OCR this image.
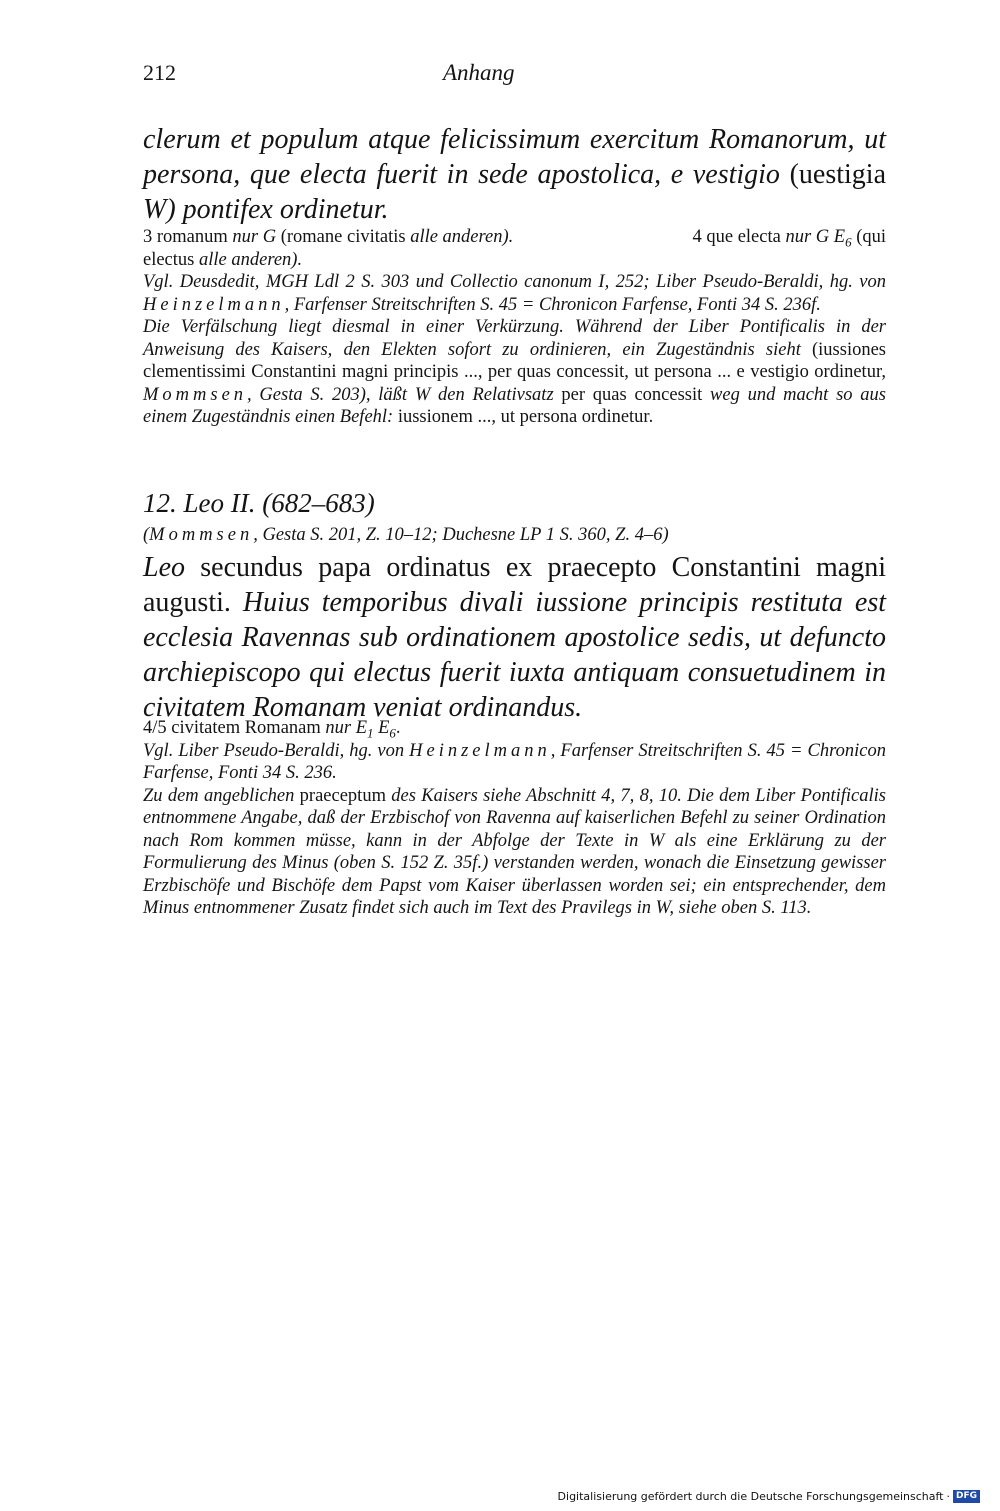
212	Anhang
clerum et populum atque felicissimum exercitum Romanorum, ut persona, que electa fuerit in sede apostolica, e vestigio (uestigia W) pontifex ordinetur.
3 romanum nur G (romane civitatis alle anderen).	4 que electa nur G $E_6$ (qui
electus alle anderen).

Vgl. Deusdedit, MGH Ldl 2 S. 303 und Collectio canonum I, 252; Liber Pseudo-Beraldi, hg. von Heinzelmann, Farfenser Streitschriften S. 45 = Chronicon Farfense, Fonti 34 S. 236f.

Die Verfälschung liegt diesmal in einer Verkürzung. Während der Liber Pontificalis in der Anweisung des Kaisers, den Elekten sofort zu ordinieren, ein Zugeständnis sieht (iussiones clementissimi Constantini magni principis ..., per quas concessit, ut persona ... e vestigio ordinetur, Mommsen, Gesta S. 203), läßt W den Relativsatz per quas concessit weg und macht so aus einem Zugeständnis einen Befehl: iussionem ..., ut persona ordinetur.

12. Leo II. (682–683)
(Mommsen, Gesta S. 201, Z. 10–12; Duchesne LP 1 S. 360, Z. 4–6)
Leo secundus papa ordinatus ex praecepto Constantini magni augusti. Huius temporibus divali iussione principis restituta est ecclesia Ravennas sub ordinationem apostolice sedis, ut defuncto archiepiscopo qui electus fuerit iuxta antiquam consuetudinem in civitatem Romanam veniat ordinandus.

4/5 civitatem Romanam nur $E_1$ $E_6$.

Vgl. Liber Pseudo-Beraldi, hg. von Heinzelmann, Farfenser Streitschriften S. 45 = Chronicon Farfense, Fonti 34 S. 236.

Zu dem angeblichen praeceptum des Kaisers siehe Abschnitt 4, 7, 8, 10. Die dem Liber Pontificalis entnommene Angabe, daß der Erzbischof von Ravenna auf kaiserlichen Befehl zu seiner Ordination nach Rom kommen müsse, kann in der Abfolge der Texte in W als eine Erklärung zu der Formulierung des Minus (oben S. 152 Z. 35f.) verstanden werden, wonach die Einsetzung gewisser Erzbischöfe und Bischöfe dem Papst vom Kaiser überlassen worden sei; ein entsprechender, dem Minus entnommener Zusatz findet sich auch im Text des Pravilegs in W, siehe oben S. 113.

Digitalisierung gefördert durch die Deutsche Forschungsgemeinschaft · DFG
